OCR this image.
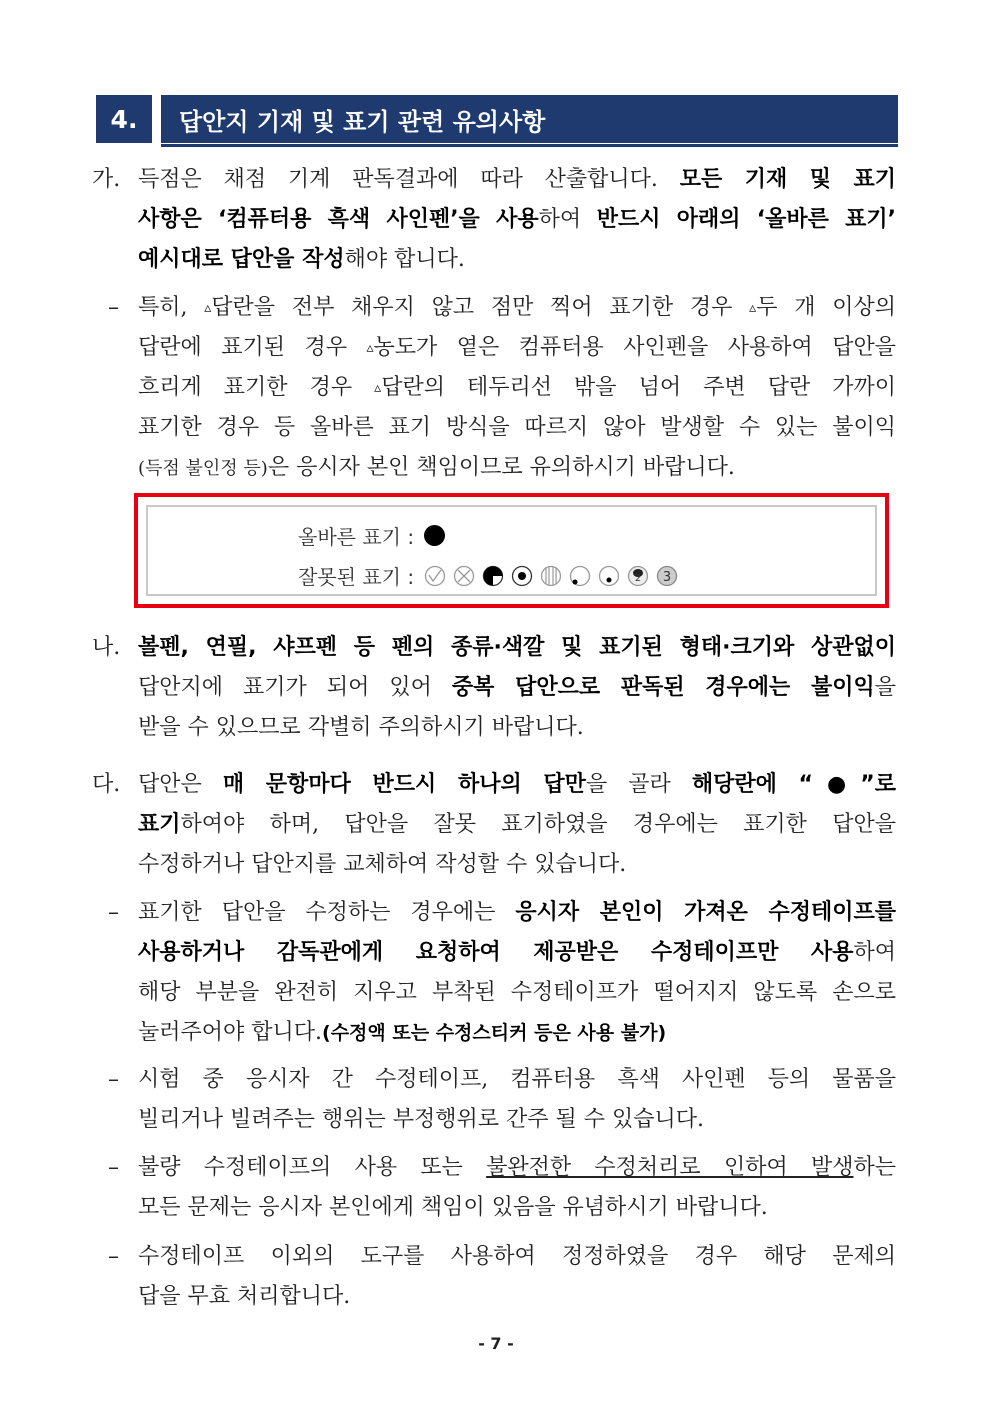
4.	답안지 기재 및 표기 관련 유의사항
가. 득점은 채점 기계 판독결과에 따라 산출합니다. 모든 기재 및 표기
사항은 ‘컴퓨터용 흑색 사인펜’을 사용하여 반드시 아래의 ‘올바른 표기’
예시대로 답안을 작성해야 합니다.
– 특히, ▵답란을 전부 채우지 않고 점만 찍어 표기한 경우 ▵두 개 이상의
답란에 표기된 경우 ▵농도가 옅은 컴퓨터용 사인펜을 사용하여 답안을
흐리게 표기한 경우 ▵답란의 테두리선 밖을 넘어 주변 답란 가까이
표기한 경우 등 올바른 표기 방식을 따르지 않아 발생할 수 있는 불이익
(득점 불인정 등)은 응시자 본인 책임이므로 유의하시기 바랍니다.
올바른 표기 :
잘못된 표기 :	2 3
나. 볼펜, 연필, 샤프펜 등 펜의 종류·색깔 및 표기된 형태·크기와 상관없이
답안지에 표기가 되어 있어 중복 답안으로 판독된 경우에는 불이익을
받을 수 있으므로 각별히 주의하시기 바랍니다.
다. 답안은 매 문항마다 반드시 하나의 답만을 골라 해당란에 “●”로
표기하여야 하며, 답안을 잘못 표기하였을 경우에는 표기한 답안을
수정하거나 답안지를 교체하여 작성할 수 있습니다.
– 표기한 답안을 수정하는 경우에는 응시자 본인이 가져온 수정테이프를
사용하거나 감독관에게 요청하여 제공받은 수정테이프만 사용하여
해당 부분을 완전히 지우고 부착된 수정테이프가 떨어지지 않도록 손으로
눌러주어야 합니다.(수정액 또는 수정스티커 등은 사용 불가)
– 시험 중 응시자 간 수정테이프, 컴퓨터용 흑색 사인펜 등의 물품을
빌리거나 빌려주는 행위는 부정행위로 간주 될 수 있습니다.
– 불량 수정테이프의 사용 또는 불완전한 수정처리로 인하여 발생하는
모든 문제는 응시자 본인에게 책임이 있음을 유념하시기 바랍니다.
– 수정테이프 이외의 도구를 사용하여 정정하였을 경우 해당 문제의
답을 무효 처리합니다.
- 7 -
